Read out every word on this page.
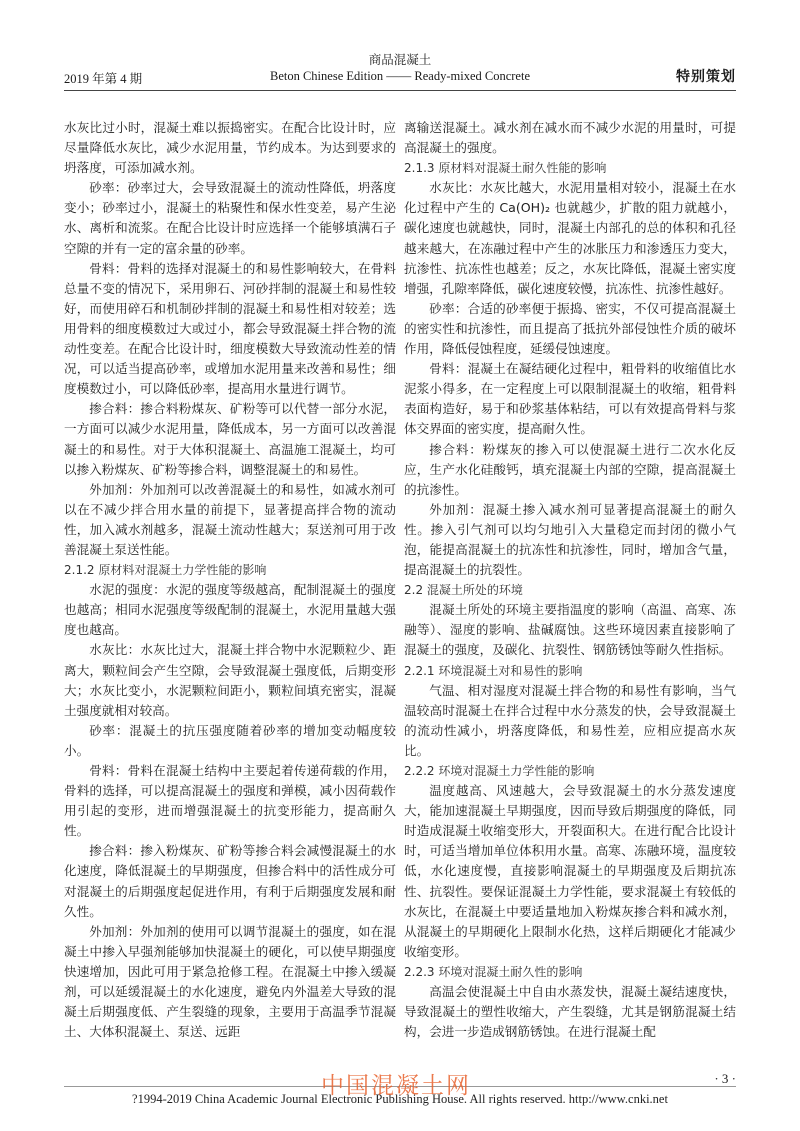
商品混凝土
2019 年第 4 期	Beton Chinese Edition —— Ready-mixed Concrete	特别策划

水灰比过小时，混凝土难以振捣密实。在配合比设计时，应尽量降低水灰比，减少水泥用量，节约成本。为达到要求的坍落度，可添加减水剂。

砂率：砂率过大，会导致混凝土的流动性降低，坍落度变小；砂率过小，混凝土的粘聚性和保水性变差，易产生泌水、离析和流浆。在配合比设计时应选择一个能够填满石子空隙的并有一定的富余量的砂率。

骨料：骨料的选择对混凝土的和易性影响较大，在骨料总量不变的情况下，采用卵石、河砂拌制的混凝土和易性较好，而使用碎石和机制砂拌制的混凝土和易性相对较差；选用骨料的细度模数过大或过小，都会导致混凝土拌合物的流动性变差。在配合比设计时，细度模数大导致流动性差的情况，可以适当提高砂率，或增加水泥用量来改善和易性；细度模数过小，可以降低砂率，提高用水量进行调节。

掺合料：掺合料粉煤灰、矿粉等可以代替一部分水泥，一方面可以减少水泥用量，降低成本，另一方面可以改善混凝土的和易性。对于大体积混凝土、高温施工混凝土，均可以掺入粉煤灰、矿粉等掺合料，调整混凝土的和易性。

外加剂：外加剂可以改善混凝土的和易性，如减水剂可以在不减少拌合用水量的前提下，显著提高拌合物的流动性，加入减水剂越多，混凝土流动性越大；泵送剂可用于改善混凝土泵送性能。

2.1.2 原材料对混凝土力学性能的影响

水泥的强度：水泥的强度等级越高，配制混凝土的强度也越高；相同水泥强度等级配制的混凝土，水泥用量越大强度也越高。

水灰比：水灰比过大，混凝土拌合物中水泥颗粒少、距离大，颗粒间会产生空隙，会导致混凝土强度低，后期变形大；水灰比变小，水泥颗粒间距小，颗粒间填充密实，混凝土强度就相对较高。

砂率：混凝土的抗压强度随着砂率的增加变动幅度较小。

骨料：骨料在混凝土结构中主要起着传递荷载的作用，骨料的选择，可以提高混凝土的强度和弹模，减小因荷载作用引起的变形，进而增强混凝土的抗变形能力，提高耐久性。

掺合料：掺入粉煤灰、矿粉等掺合料会减慢混凝土的水化速度，降低混凝土的早期强度，但掺合料中的活性成分可对混凝土的后期强度起促进作用，有利于后期强度发展和耐久性。

外加剂：外加剂的使用可以调节混凝土的强度，如在混凝土中掺入早强剂能够加快混凝土的硬化，可以使早期强度快速增加，因此可用于紧急抢修工程。在混凝土中掺入缓凝剂，可以延缓混凝土的水化速度，避免内外温差大导致的混凝土后期强度低、产生裂缝的现象，主要用于高温季节混凝土、大体积混凝土、泵送、远距

离输送混凝土。减水剂在减水而不减少水泥的用量时，可提高混凝土的强度。

2.1.3 原材料对混凝土耐久性能的影响

水灰比：水灰比越大，水泥用量相对较小，混凝土在水化过程中产生的 Ca(OH)₂ 也就越少，扩散的阻力就越小，碳化速度也就越快，同时，混凝土内部孔的总的体积和孔径越来越大，在冻融过程中产生的冰胀压力和渗透压力变大，抗渗性、抗冻性也越差；反之，水灰比降低，混凝土密实度增强，孔隙率降低，碳化速度较慢，抗冻性、抗渗性越好。

砂率：合适的砂率便于振捣、密实，不仅可提高混凝土的密实性和抗渗性，而且提高了抵抗外部侵蚀性介质的破坏作用，降低侵蚀程度，延缓侵蚀速度。

骨料：混凝土在凝结硬化过程中，粗骨料的收缩值比水泥浆小得多，在一定程度上可以限制混凝土的收缩，粗骨料表面构造好，易于和砂浆基体粘结，可以有效提高骨料与浆体交界面的密实度，提高耐久性。

掺合料：粉煤灰的掺入可以使混凝土进行二次水化反应，生产水化硅酸钙，填充混凝土内部的空隙，提高混凝土的抗渗性。

外加剂：混凝土掺入减水剂可显著提高混凝土的耐久性。掺入引气剂可以均匀地引入大量稳定而封闭的微小气泡，能提高混凝土的抗冻性和抗渗性，同时，增加含气量，提高混凝土的抗裂性。

2.2 混凝土所处的环境

混凝土所处的环境主要指温度的影响（高温、高寒、冻融等）、湿度的影响、盐碱腐蚀。这些环境因素直接影响了混凝土的强度，及碳化、抗裂性、钢筋锈蚀等耐久性指标。

2.2.1 环境混凝土对和易性的影响

气温、相对湿度对混凝土拌合物的和易性有影响，当气温较高时混凝土在拌合过程中水分蒸发的快，会导致混凝土的流动性减小，坍落度降低，和易性差，应相应提高水灰比。

2.2.2 环境对混凝土力学性能的影响

温度越高、风速越大，会导致混凝土的水分蒸发速度大，能加速混凝土早期强度，因而导致后期强度的降低，同时造成混凝土收缩变形大，开裂面积大。在进行配合比设计时，可适当增加单位体积用水量。高寒、冻融环境，温度较低，水化速度慢，直接影响混凝土的早期强度及后期抗冻性、抗裂性。要保证混凝土力学性能，要求混凝土有较低的水灰比，在混凝土中要适量地加入粉煤灰掺合料和减水剂，从混凝土的早期硬化上限制水化热，这样后期硬化才能减少收缩变形。

2.2.3 环境对混凝土耐久性的影响

高温会使混凝土中自由水蒸发快，混凝土凝结速度快，导致混凝土的塑性收缩大，产生裂缝，尤其是钢筋混凝土结构，会进一步造成钢筋锈蚀。在进行混凝土配

· 3 ·
?1994-2019 China Academic Journal Electronic Publishing House. All rights reserved. http://www.cnki.net
中国混凝土网
